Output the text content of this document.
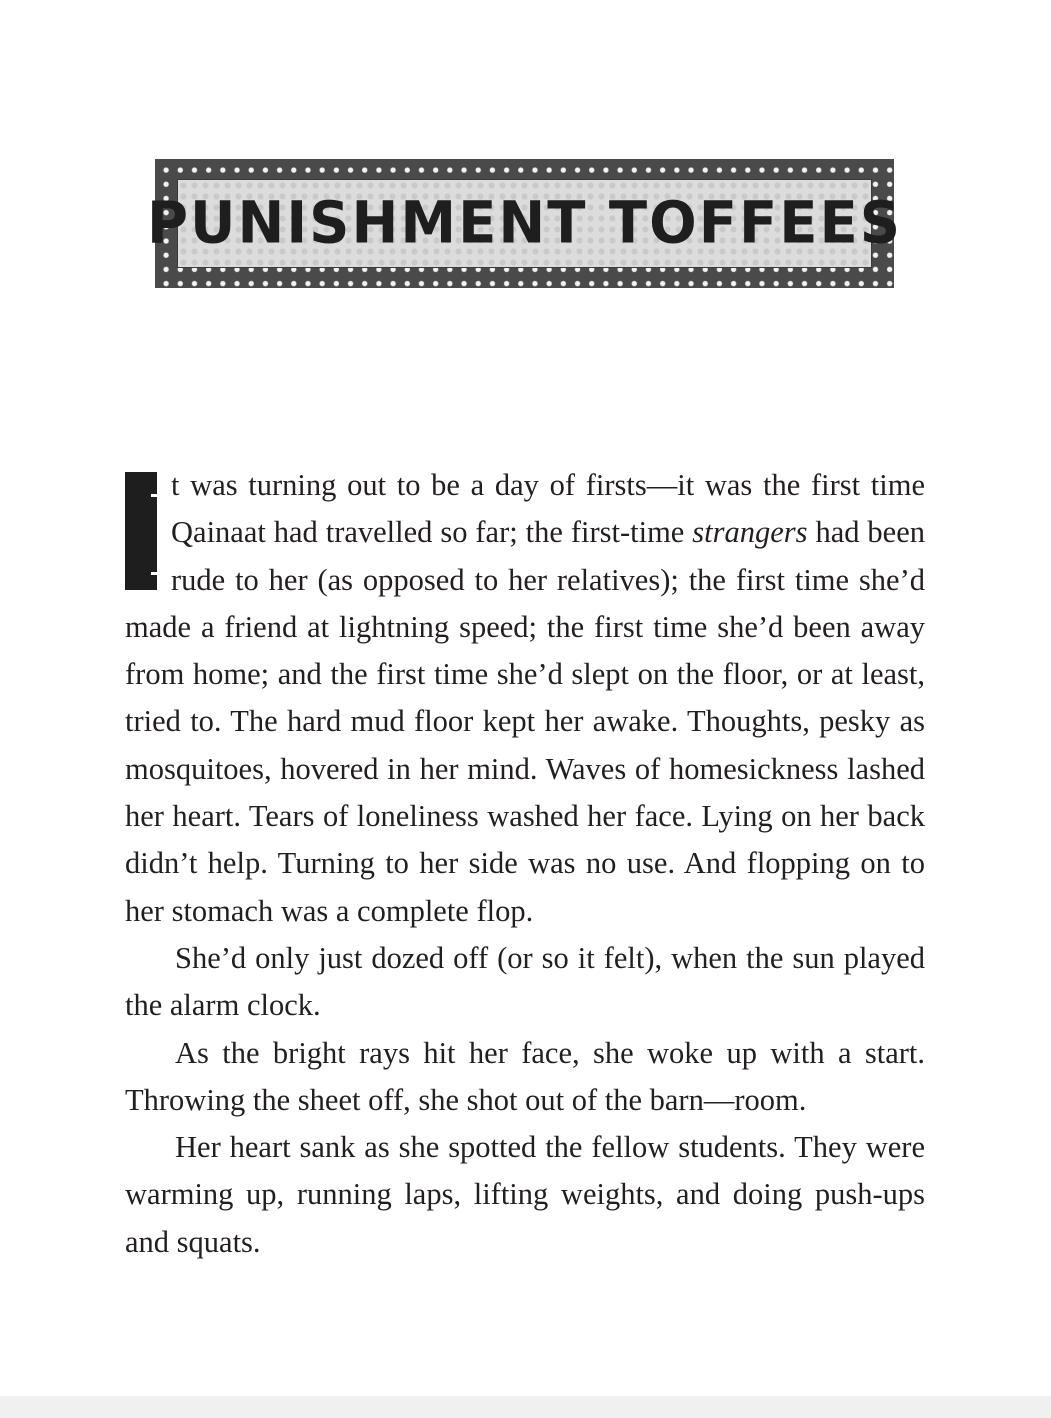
PUNISHMENT TOFFEES

t was turning out to be a day of firsts—it was the first time Qainaat had travelled so far; the first-time strangers had been rude to her (as opposed to her relatives); the first time she’d made a friend at lightning speed; the first time she’d been away from home; and the first time she’d slept on the floor, or at least, tried to. The hard mud floor kept her awake. Thoughts, pesky as mosquitoes, hovered in her mind. Waves of homesickness lashed her heart. Tears of loneliness washed her face. Lying on her back didn’t help. Turning to her side was no use. And flopping on to her stomach was a complete flop.

She’d only just dozed off (or so it felt), when the sun played the alarm clock.

As the bright rays hit her face, she woke up with a start. Throwing the sheet off, she shot out of the barn—room.

Her heart sank as she spotted the fellow students. They were warming up, running laps, lifting weights, and doing push-ups and squats.
